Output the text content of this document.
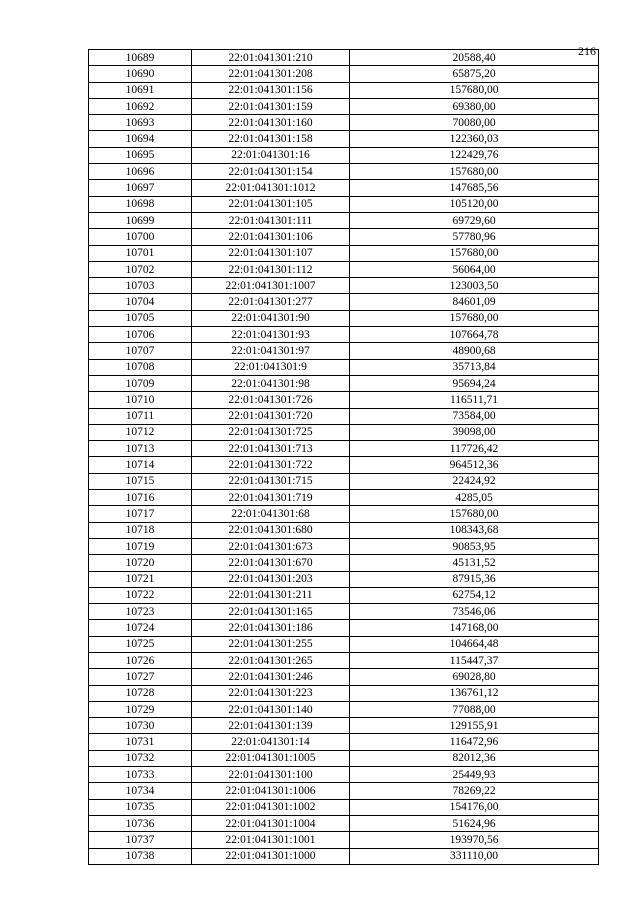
216
10689	22:01:041301:210	20588,40
10690	22:01:041301:208	65875,20
10691	22:01:041301:156	157680,00
10692	22:01:041301:159	69380,00
10693	22:01:041301:160	70080,00
10694	22:01:041301:158	122360,03
10695	22:01:041301:16	122429,76
10696	22:01:041301:154	157680,00
10697	22:01:041301:1012	147685,56
10698	22:01:041301:105	105120,00
10699	22:01:041301:111	69729,60
10700	22:01:041301:106	57780,96
10701	22:01:041301:107	157680,00
10702	22:01:041301:112	56064,00
10703	22:01:041301:1007	123003,50
10704	22:01:041301:277	84601,09
10705	22:01:041301:90	157680,00
10706	22:01:041301:93	107664,78
10707	22:01:041301:97	48900,68
10708	22:01:041301:9	35713,84
10709	22:01:041301:98	95694,24
10710	22:01:041301:726	116511,71
10711	22:01:041301:720	73584,00
10712	22:01:041301:725	39098,00
10713	22:01:041301:713	117726,42
10714	22:01:041301:722	964512,36
10715	22:01:041301:715	22424,92
10716	22:01:041301:719	4285,05
10717	22:01:041301:68	157680,00
10718	22:01:041301:680	108343,68
10719	22:01:041301:673	90853,95
10720	22:01:041301:670	45131,52
10721	22:01:041301:203	87915,36
10722	22:01:041301:211	62754,12
10723	22:01:041301:165	73546,06
10724	22:01:041301:186	147168,00
10725	22:01:041301:255	104664,48
10726	22:01:041301:265	115447,37
10727	22:01:041301:246	69028,80
10728	22:01:041301:223	136761,12
10729	22:01:041301:140	77088,00
10730	22:01:041301:139	129155,91
10731	22:01:041301:14	116472,96
10732	22:01:041301:1005	82012,36
10733	22:01:041301:100	25449,93
10734	22:01:041301:1006	78269,22
10735	22:01:041301:1002	154176,00
10736	22:01:041301:1004	51624,96
10737	22:01:041301:1001	193970,56
10738	22:01:041301:1000	331110,00
